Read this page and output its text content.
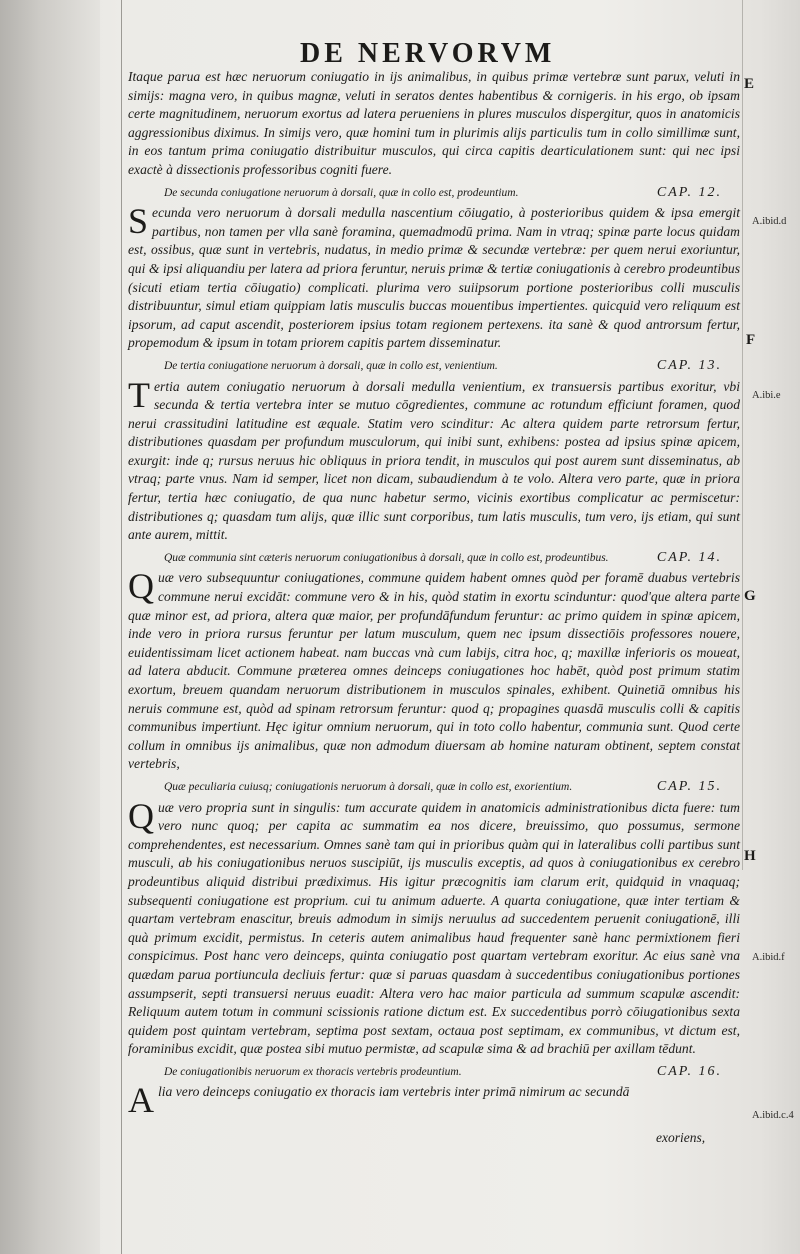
DE NERVORVM

Itaque parua est hæc neruorum coniugatio in ijs animalibus, in quibus primæ vertebræ sunt parux, veluti in simijs: magna vero, in quibus magnæ, veluti in seratos dentes habentibus & cornigeris. in his ergo, ob ipsam certe magnitudinem, neruorum exortus ad latera perueniens in plures musculos dispergitur, quos in anatomicis aggressionibus diximus. In simijs vero, quæ homini tum in plurimis alijs particulis tum in collo simillimæ sunt, in eos tantum prima coniugatio distribuitur musculos, qui circa capitis dearticulationem sunt: qui nec ipsi exactè à dissectionis professoribus cogniti fuere.

De secunda coniugatione neruorum à dorsali, quæ in collo est, prodeuntium.	CAP. 12.

Secunda vero neruorum à dorsali medulla nascentium cōiugatio, à posterioribus quidem & ipsa emergit partibus, non tamen per vlla sanè foramina, quemadmodū prima. Nam in vtraq; spinæ parte locus quidam est, ossibus, quæ sunt in vertebris, nudatus, in medio primæ & secundæ vertebræ: per quem nerui exoriuntur, qui & ipsi aliquandiu per latera ad priora feruntur, neruis primæ & tertiæ coniugationis à cerebro prodeuntibus (sicuti etiam tertia cōiugatio) complicati. plurima vero suiipsorum portione posterioribus colli musculis distribuuntur, simul etiam quippiam latis musculis buccas mouentibus impertientes. quicquid vero reliquum est ipsorum, ad caput ascendit, posteriorem ipsius totam regionem pertexens. ita sanè & quod antrorsum fertur, propemodum & ipsum in totam priorem capitis partem disseminatur.

De tertia coniugatione neruorum à dorsali, quæ in collo est, venientium.	CAP. 13.

Tertia autem coniugatio neruorum à dorsali medulla venientium, ex transuersis partibus exoritur, vbi secunda & tertia vertebra inter se mutuo cōgredientes, commune ac rotundum efficiunt foramen, quod nerui crassitudini latitudine est æquale. Statim vero scinditur: Ac altera quidem parte retrorsum fertur, distributiones quasdam per profundum musculorum, qui inibi sunt, exhibens: postea ad ipsius spinæ apicem, exurgit: inde q; rursus neruus hic obliquus in priora tendit, in musculos qui post aurem sunt disseminatus, ab vtraq; parte vnus. Nam id semper, licet non dicam, subaudiendum à te volo. Altera vero parte, quæ in priora fertur, tertia hæc coniugatio, de qua nunc habetur sermo, vicinis exortibus complicatur ac permiscetur: distributiones q; quasdam tum alijs, quæ illic sunt corporibus, tum latis musculis, tum vero, ijs etiam, qui sunt ante aurem, mittit.

Quæ communia sint cæteris neruorum coniugationibus à dorsali, quæ in collo est, prodeuntibus.	CAP. 14.

Quæ vero subsequuntur coniugationes, commune quidem habent omnes quòd per foramē duabus vertebris commune nerui excidāt: commune vero & in his, quòd statim in exortu scinduntur: quod'que altera parte quæ minor est, ad priora, altera quæ maior, per profundāfundum feruntur: ac primo quidem in spinæ apicem, inde vero in priora rursus feruntur per latum musculum, quem nec ipsum dissectiōis professores nouere, euidentissimam licet actionem habeat. nam buccas vnà cum labijs, citra hoc, q; maxillæ inferioris os moueat, ad latera abducit. Commune præterea omnes deinceps coniugationes hoc habēt, quòd post primum statim exortum, breuem quandam neruorum distributionem in musculos spinales, exhibent. Quinetiā omnibus his neruis commune est, quòd ad spinam retrorsum feruntur: quod q; propagines quasdā musculis colli & capitis communibus impertiunt. Hęc igitur omnium neruorum, qui in toto collo habentur, communia sunt. Quod certe collum in omnibus ijs animalibus, quæ non admodum diuersam ab homine naturam obtinent, septem constat vertebris,

Quæ peculiaria cuiusq; coniugationis neruorum à dorsali, quæ in collo est, exorientium.	CAP. 15.

Quæ vero propria sunt in singulis: tum accurate quidem in anatomicis administrationibus dicta fuere: tum vero nunc quoq; per capita ac summatim ea nos dicere, breuissimo, quo possumus, sermone comprehendentes, est necessarium. Omnes sanè tam qui in prioribus quàm qui in lateralibus colli partibus sunt musculi, ab his coniugationibus neruos suscipiūt, ijs musculis exceptis, ad quos à coniugationibus ex cerebro prodeuntibus aliquid distribui prædiximus. His igitur præcognitis iam clarum erit, quidquid in vnaquaq; subsequenti coniugatione est proprium. cui tu animum aduerte. A quarta coniugatione, quæ inter tertiam & quartam vertebram enascitur, breuis admodum in simijs neruulus ad succedentem peruenit coniugationē, illi quà primum excidit, permistus. In ceteris autem animalibus haud frequenter sanè hanc permixtionem fieri conspicimus. Post hanc vero deinceps, quinta coniugatio post quartam vertebram exoritur. Ac eius sanè vna quædam parua portiuncula decliuis fertur: quæ si paruas quasdam à succedentibus coniugationibus portiones assumpserit, septi transuersi neruus euadit: Altera vero hac maior particula ad summum scapulæ ascendit: Reliquum autem totum in communi scissionis ratione dictum est. Ex succedentibus porrò cōiugationibus sexta quidem post quintam vertebram, septima post sextam, octaua post septimam, ex communibus, vt dictum est, foraminibus excidit, quæ postea sibi mutuo permistæ, ad scapulæ sima & ad brachiū per axillam tēdunt.

De coniugationibis neruorum ex thoracis vertebris prodeuntium.	CAP. 16.

Alia vero deinceps coniugatio ex thoracis iam vertebris inter primā nimirum ac secundā

exoriens,
A.ibid.d
A.ibi.e
A.ibid.f
A.ibid.c.4
E
F
G
H
